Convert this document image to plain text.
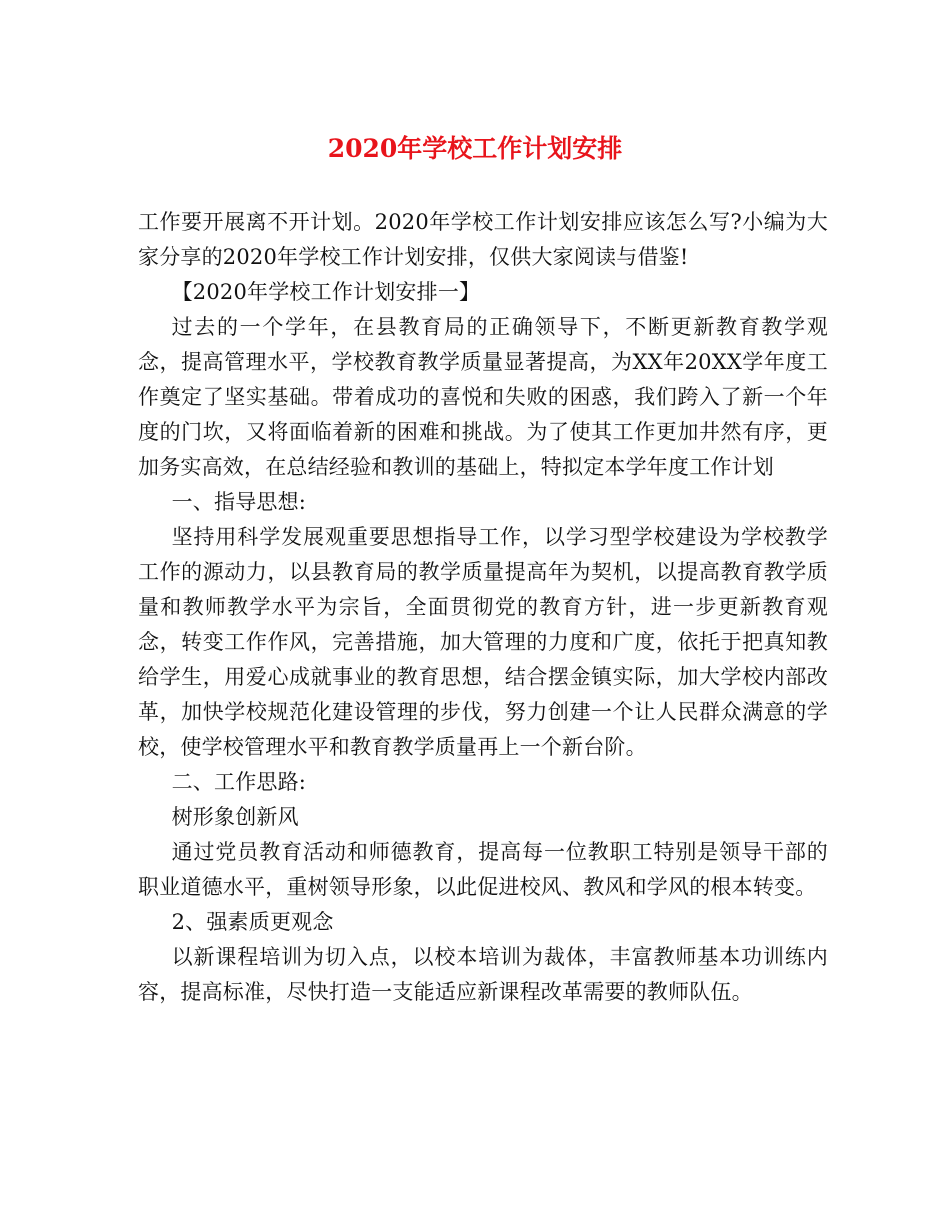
2020年学校工作计划安排

工作要开展离不开计划。2020年学校工作计划安排应该怎么写?小编为大家分享的2020年学校工作计划安排，仅供大家阅读与借鉴!

【2020年学校工作计划安排一】

过去的一个学年，在县教育局的正确领导下，不断更新教育教学观念，提高管理水平，学校教育教学质量显著提高，为XX年20XX学年度工作奠定了坚实基础。带着成功的喜悦和失败的困惑，我们跨入了新一个年度的门坎，又将面临着新的困难和挑战。为了使其工作更加井然有序，更加务实高效，在总结经验和教训的基础上，特拟定本学年度工作计划

一、指导思想:

坚持用科学发展观重要思想指导工作，以学习型学校建设为学校教学工作的源动力，以县教育局的教学质量提高年为契机，以提高教育教学质量和教师教学水平为宗旨，全面贯彻党的教育方针，进一步更新教育观念，转变工作作风，完善措施，加大管理的力度和广度，依托于把真知教给学生，用爱心成就事业的教育思想，结合摆金镇实际，加大学校内部改革，加快学校规范化建设管理的步伐，努力创建一个让人民群众满意的学校，使学校管理水平和教育教学质量再上一个新台阶。

二、工作思路:

树形象创新风

通过党员教育活动和师德教育，提高每一位教职工特别是领导干部的职业道德水平，重树领导形象，以此促进校风、教风和学风的根本转变。

2、强素质更观念

以新课程培训为切入点，以校本培训为裁体，丰富教师基本功训练内容，提高标准，尽快打造一支能适应新课程改革需要的教师队伍。
